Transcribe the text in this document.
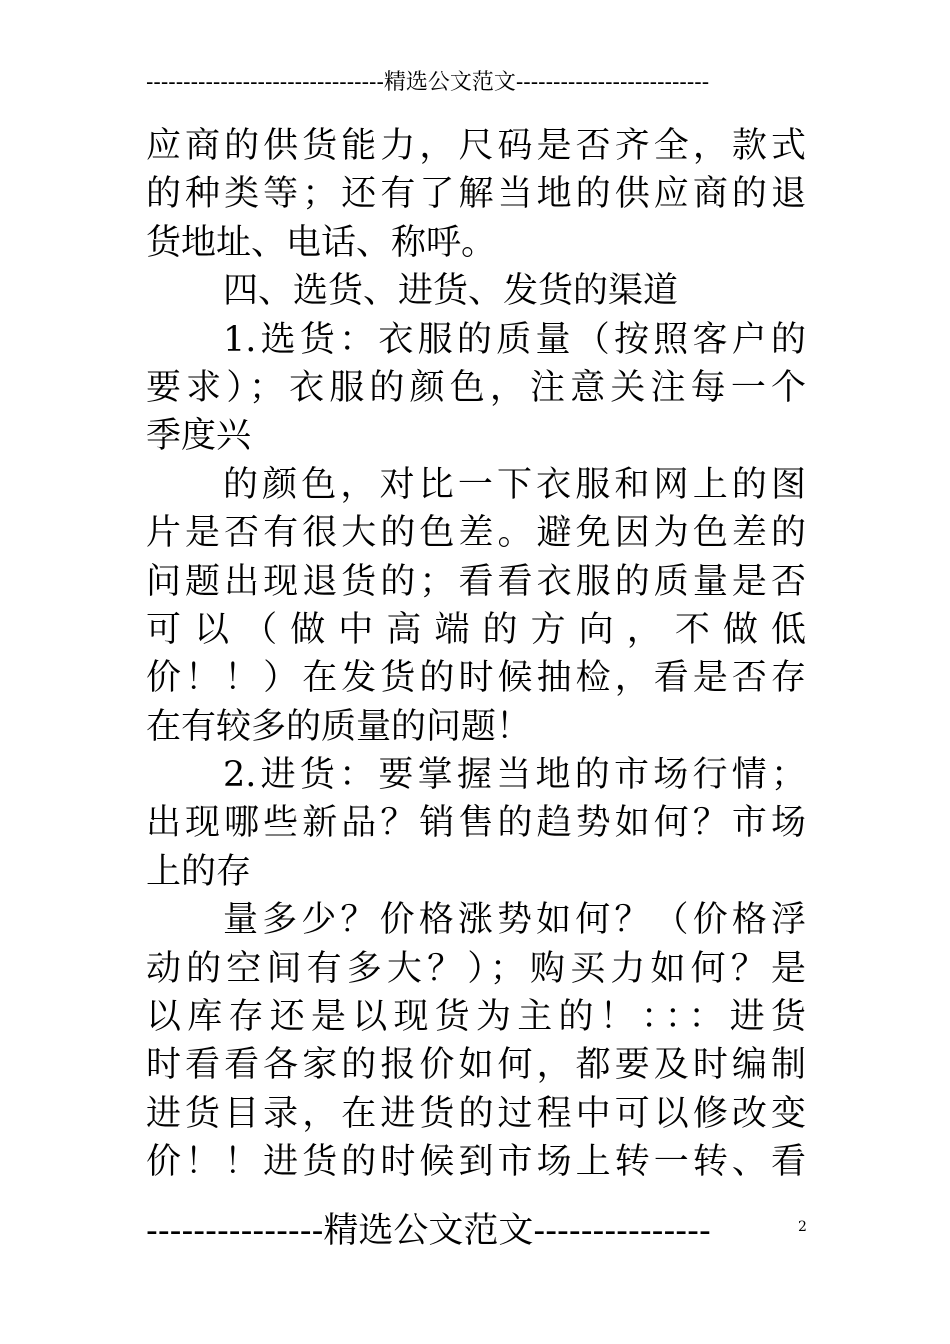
--------------------------------精选公文范文--------------------------
应商的供货能力，尺码是否齐全，款式
的种类等；还有了解当地的供应商的退
货地址、电话、称呼。
四、选货、进货、发货的渠道
1.选货：衣服的质量（按照客户的
要求）；衣服的颜色，注意关注每一个
季度兴
的颜色，对比一下衣服和网上的图
片是否有很大的色差。避免因为色差的
问题出现退货的；看看衣服的质量是否
可以（做中高端的方向，不做低
价！！）在发货的时候抽检，看是否存
在有较多的质量的问题！
2.进货：要掌握当地的市场行情；
出现哪些新品？销售的趋势如何？市场
上的存
量多少？价格涨势如何？（价格浮
动的空间有多大？）；购买力如何？是
以库存还是以现货为主的！：：：进货
时看看各家的报价如何，都要及时编制
进货目录，在进货的过程中可以修改变
价！！进货的时候到市场上转一转、看
---------------精选公文范文---------------	2
